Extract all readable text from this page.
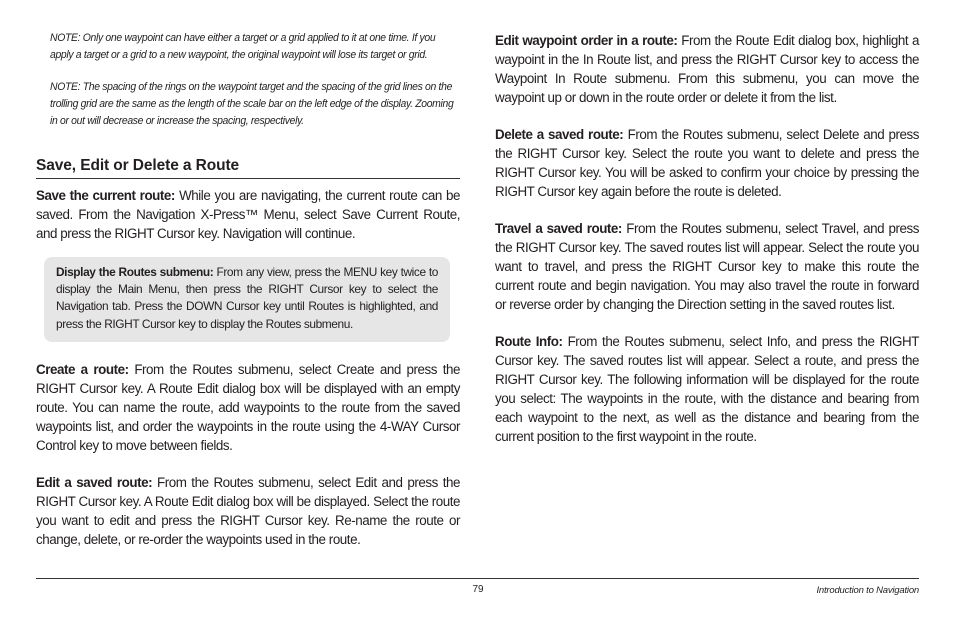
NOTE: Only one waypoint can have either a target or a grid applied to it at one time. If you apply a target or a grid to a new waypoint, the original waypoint will lose its target or grid.

NOTE: The spacing of the rings on the waypoint target and the spacing of the grid lines on the trolling grid are the same as the length of the scale bar on the left edge of the display. Zooming in or out will decrease or increase the spacing, respectively.

Save, Edit or Delete a Route

Save the current route: While you are navigating, the current route can be saved. From the Navigation X-Press™ Menu, select Save Current Route, and press the RIGHT Cursor key. Navigation will continue.

Display the Routes submenu: From any view, press the MENU key twice to display the Main Menu, then press the RIGHT Cursor key to select the Navigation tab. Press the DOWN Cursor key until Routes is highlighted, and press the RIGHT Cursor key to display the Routes submenu.

Create a route: From the Routes submenu, select Create and press the RIGHT Cursor key. A Route Edit dialog box will be displayed with an empty route. You can name the route, add waypoints to the route from the saved waypoints list, and order the waypoints in the route using the 4-WAY Cursor Control key to move between fields.

Edit a saved route: From the Routes submenu, select Edit and press the RIGHT Cursor key. A Route Edit dialog box will be displayed. Select the route you want to edit and press the RIGHT Cursor key. Re-name the route or change, delete, or re-order the waypoints used in the route.

Edit waypoint order in a route: From the Route Edit dialog box, highlight a waypoint in the In Route list, and press the RIGHT Cursor key to access the Waypoint In Route submenu. From this submenu, you can move the waypoint up or down in the route order or delete it from the list.

Delete a saved route: From the Routes submenu, select Delete and press the RIGHT Cursor key. Select the route you want to delete and press the RIGHT Cursor key. You will be asked to confirm your choice by pressing the RIGHT Cursor key again before the route is deleted.

Travel a saved route: From the Routes submenu, select Travel, and press the RIGHT Cursor key. The saved routes list will appear. Select the route you want to travel, and press the RIGHT Cursor key to make this route the current route and begin navigation. You may also travel the route in forward or reverse order by changing the Direction setting in the saved routes list.

Route Info: From the Routes submenu, select Info, and press the RIGHT Cursor key. The saved routes list will appear. Select a route, and press the RIGHT Cursor key. The following information will be displayed for the route you select: The waypoints in the route, with the distance and bearing from each waypoint to the next, as well as the distance and bearing from the current position to the first waypoint in the route.

79	Introduction to Navigation
